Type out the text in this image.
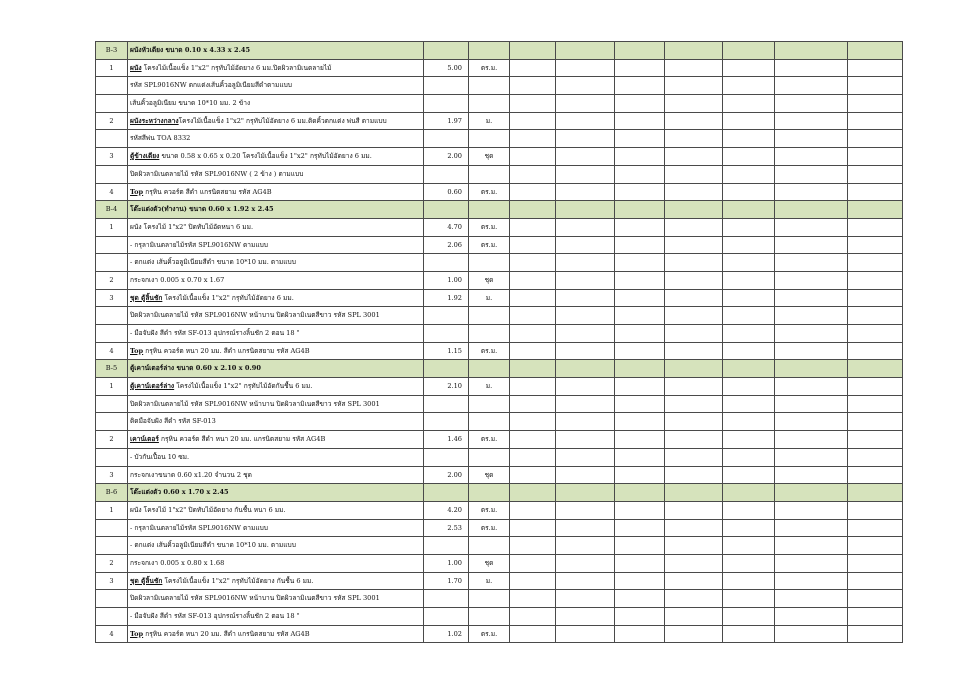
B-3	ผนังหัวเตียง ขนาด 0.10 x 4.33 x 2.45									
1	ผนัง โครงไม้เนื้อแข็ง 1"x2" กรุทับไม้อัดยาง 6 มม.ปิดผิวลามิเนตลายไม้	5.00	ตร.ม.							
	รหัส SPL9016NW ตกแต่งเส้นคิ้วอลูมิเนียมสีดำตามแบบ									
	เส้นคิ้วอลูมิเนียม ขนาด 10*10 มม. 2 ข้าง									
2	ผนังระหว่างกลางโครงไม้เนื้อแข็ง 1"x2" กรุทับไม้อัดยาง 6 มม.ติดคิ้วตกแต่ง พ่นสี ตามแบบ	1.97	ม.							
	รหัสสีพ่น TOA 8332									
3	ตู้ข้างเตียง ขนาด 0.58 x 0.65 x 0.20 โครงไม้เนื้อแข็ง 1"x2" กรุทับไม้อัดยาง 6 มม.	2.00	ชุด							
	ปิดผิวลามิเนตลายไม้ รหัส SPL9016NW ( 2 ข้าง ) ตามแบบ									
4	Top กรุหิน ควอร์ต สีดำ แกรนิตสยาม รหัส AG4B	0.60	ตร.ม.							
B-4	โต๊ะแต่งตัว(ทำงาน) ขนาด 0.60 x 1.92 x 2.45									
1	ผนัง โครงไม้ 1"x2" ปิดทับไม้อัดหนา 6 มม.	4.70	ตร.ม.							
	- กรุลามิเนตลายไม้รหัส SPL9016NW ตามแบบ	2.06	ตร.ม.							
	- ตกแต่ง เส้นคิ้วอลูมิเนียมสีดำ ขนาด 10*10 มม. ตามแบบ									
2	กระจกเงา 0.005 x 0.70 x 1.67	1.00	ชุด							
3	ชุด ตู้ลิ้นชัก โครงไม้เนื้อแข็ง 1"x2" กรุทับไม้อัดยาง 6 มม.	1.92	ม.							
	ปิดผิวลามิเนตลายไม้ รหัส SPL9016NW หน้าบาน ปิดผิวลามิเนตสีขาว รหัส SPL 3001									
	- มือจับฝัง สีดำ รหัส SF-013 อุปกรณ์รางลิ้นชัก 2 ตอน 18 "									
4	Top กรุหิน ควอร์ต หนา 20 มม. สีดำ แกรนิตสยาม รหัส AG4B	1.15	ตร.ม.							
B-5	ตู้เคาน์เตอร์ล่าง ขนาด 0.60 x 2.10 x 0.90									
1	ตู้เคาน์เตอร์ล่าง โครงไม้เนื้อแข็ง 1"x2" กรุทับไม้อัดกันชื้น 6 มม.	2.10	ม.							
	ปิดผิวลามิเนตลายไม้ รหัส SPL9016NW หน้าบาน ปิดผิวลามิเนตสีขาว รหัส SPL 3001									
	ติดมือจับฝัง สีดำ รหัส SF-013									
2	เคาน์เตอร์ กรุหิน ควอร์ต สีดำ หนา 20 มม. แกรนิตสยาม รหัส AG4B	1.46	ตร.ม.							
	- บัวกันเปื้อน 10 ซม.									
3	กระจกเงาขนาด 0.60 x1.20 จำนวน 2 ชุด	2.00	ชุด							
B-6	โต๊ะแต่งตัว 0.60 x 1.70 x 2.45									
1	ผนัง โครงไม้ 1"x2" ปิดทับไม้อัดยาง กันชื้น หนา 6 มม.	4.20	ตร.ม.							
	- กรุลามิเนตลายไม้รหัส SPL9016NW ตามแบบ	2.53	ตร.ม.							
	- ตกแต่ง เส้นคิ้วอลูมิเนียมสีดำ ขนาด 10*10 มม. ตามแบบ									
2	กระจกเงา 0.005 x 0.80 x 1.68	1.00	ชุด							
3	ชุด ตู้ลิ้นชัก โครงไม้เนื้อแข็ง 1"x2" กรุทับไม้อัดยาง กันชื้น 6 มม.	1.70	ม.							
	ปิดผิวลามิเนตลายไม้ รหัส SPL9016NW หน้าบาน ปิดผิวลามิเนตสีขาว รหัส SPL 3001									
	- มือจับฝัง สีดำ รหัส SF-013 อุปกรณ์รางลิ้นชัก 2 ตอน 18 "									
4	Top กรุหิน ควอร์ต หนา 20 มม. สีดำ แกรนิตสยาม รหัส AG4B	1.02	ตร.ม.							
